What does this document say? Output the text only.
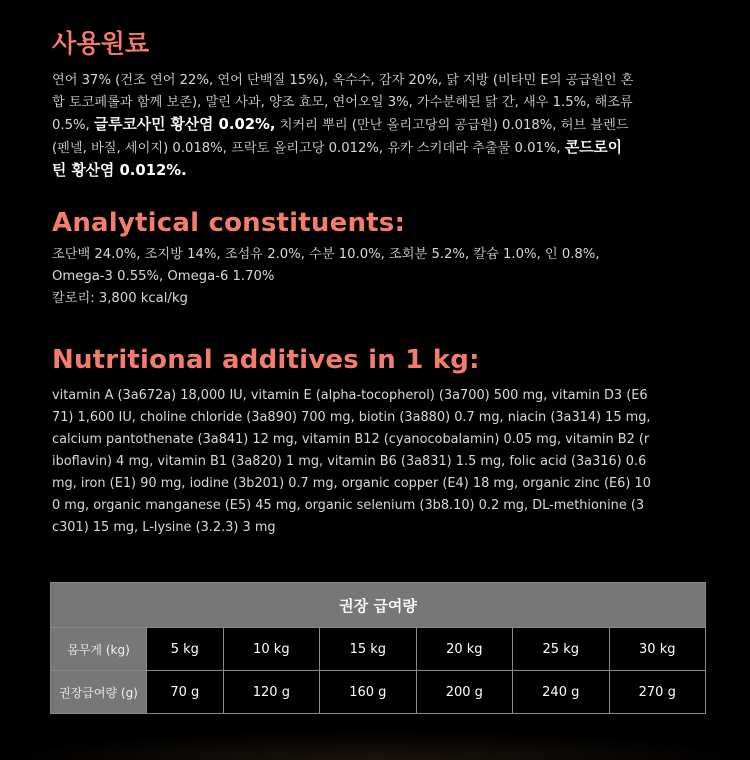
사용원료
연어 37% (건조 연어 22%, 연어 단백질 15%), 옥수수, 감자 20%, 닭 지방 (비타민 E의 공급원인 혼
합 토코페롤과 함께 보존), 말린 사과, 양조 효모, 연어오일 3%, 가수분해된 닭 간, 새우 1.5%, 해조류
0.5%, 글루코사민 황산염 0.02%, 치커리 뿌리 (만난 올리고당의 공급원) 0.018%, 허브 블렌드
(펜넬, 바질, 세이지) 0.018%, 프락토 올리고당 0.012%, 유카 스키데라 추출물 0.01%, 콘드로이
틴 황산염 0.012%.
Analytical constituents:
조단백 24.0%, 조지방 14%, 조섬유 2.0%, 수분 10.0%, 조회분 5.2%, 칼슘 1.0%, 인 0.8%,
Omega-3 0.55%, Omega-6 1.70%
칼로리: 3,800 kcal/kg
Nutritional additives in 1 kg:
vitamin A (3a672a) 18,000 IU, vitamin E (alpha-tocopherol) (3a700) 500 mg, vitamin D3 (E6
71) 1,600 IU, choline chloride (3a890) 700 mg, biotin (3a880) 0.7 mg, niacin (3a314) 15 mg,
calcium pantothenate (3a841) 12 mg, vitamin B12 (cyanocobalamin) 0.05 mg, vitamin B2 (r
iboflavin) 4 mg, vitamin B1 (3a820) 1 mg, vitamin B6 (3a831) 1.5 mg, folic acid (3a316) 0.6
mg, iron (E1) 90 mg, iodine (3b201) 0.7 mg, organic copper (E4) 18 mg, organic zinc (E6) 10
0 mg, organic manganese (E5) 45 mg, organic selenium (3b8.10) 0.2 mg, DL-methionine (3
c301) 15 mg, L-lysine (3.2.3) 3 mg
권장 급여량						
몸무게 (kg)	5 kg	10 kg	15 kg	20 kg	25 kg	30 kg
권장급여량 (g)	70 g	120 g	160 g	200 g	240 g	270 g
